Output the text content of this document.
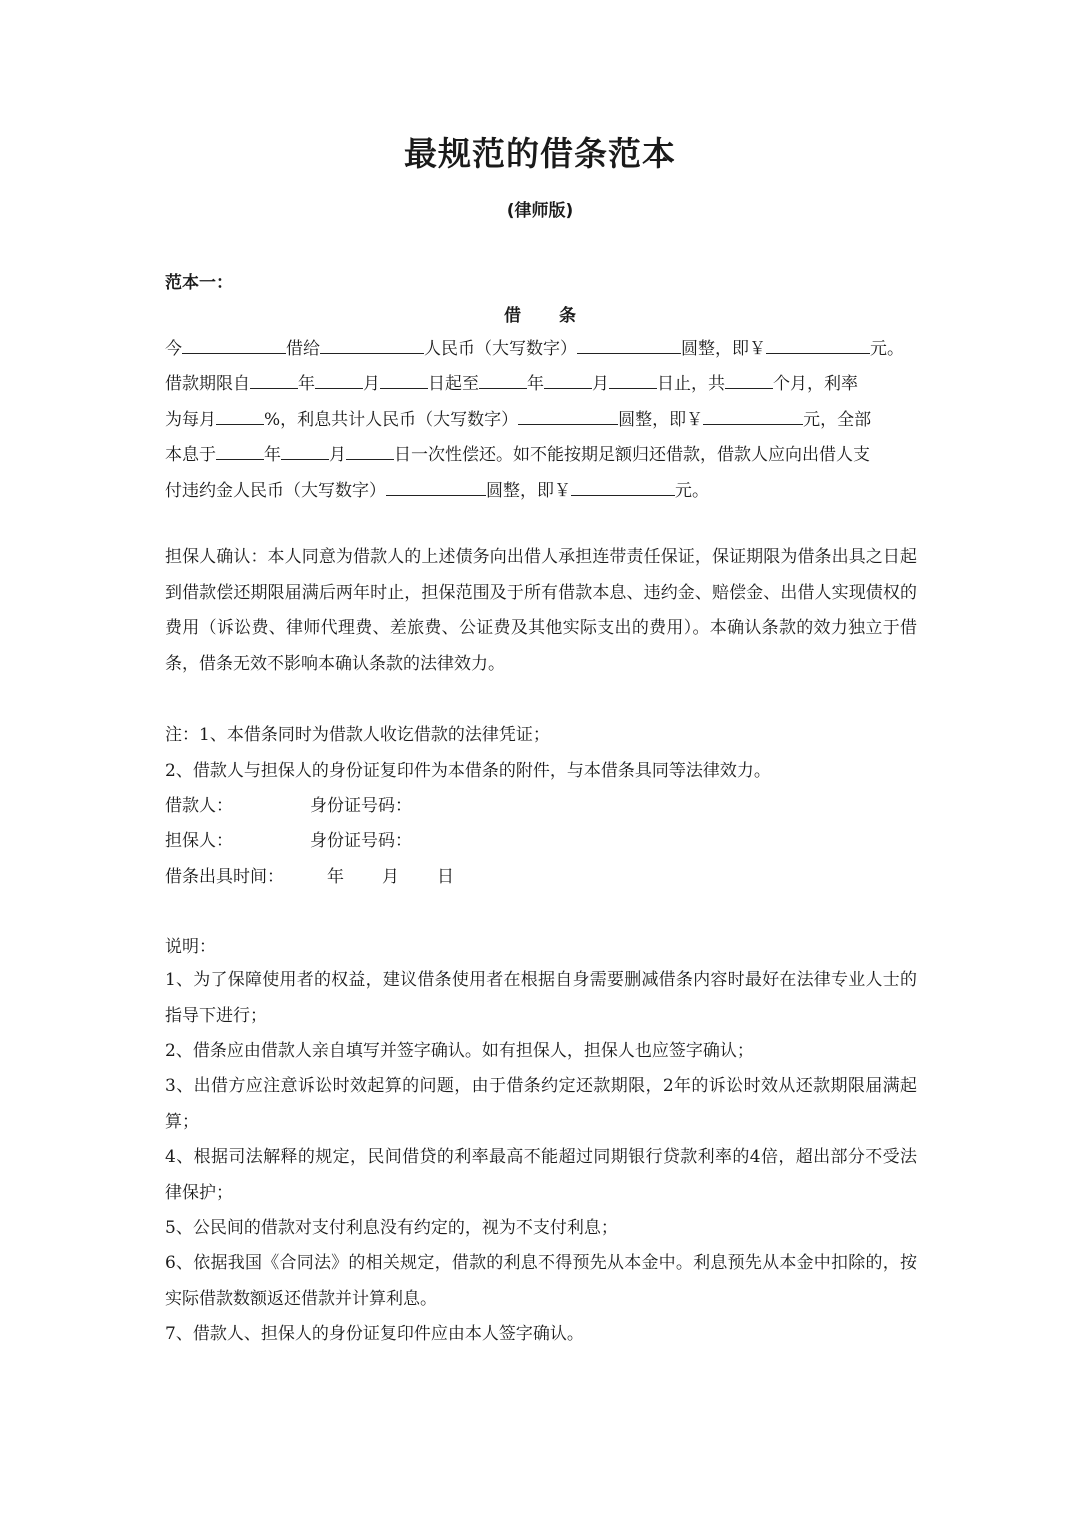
最规范的借条范本
(律师版)
范本一：
借 条
今	借给	人民币（大写数字）	圆整，即￥	元。
借款期限自	年	月	日起至	年	月	日止，共	个月，利率
为每月	%，利息共计人民币（大写数字）	圆整，即￥	元，全部
本息于	年	月	日一次性偿还。如不能按期足额归还借款，借款人应向出借人支
付违约金人民币（大写数字）	圆整，即￥	元。
担保人确认：本人同意为借款人的上述债务向出借人承担连带责任保证，保证期限为借条出具之日起到借款偿还期限届满后两年时止，担保范围及于所有借款本息、违约金、赔偿金、出借人实现债权的费用（诉讼费、律师代理费、差旅费、公证费及其他实际支出的费用）。本确认条款的效力独立于借条，借条无效不影响本确认条款的法律效力。
注：1、本借条同时为借款人收讫借款的法律凭证；
2、借款人与担保人的身份证复印件为本借条的附件，与本借条具同等法律效力。
借款人：	身份证号码：
担保人：	身份证号码：
借条出具时间：	年 月 日
说明：
1、为了保障使用者的权益，建议借条使用者在根据自身需要删减借条内容时最好在法律专业人士的指导下进行；
2、借条应由借款人亲自填写并签字确认。如有担保人，担保人也应签字确认；
3、出借方应注意诉讼时效起算的问题，由于借条约定还款期限，2年的诉讼时效从还款期限届满起算；
4、根据司法解释的规定，民间借贷的利率最高不能超过同期银行贷款利率的4倍，超出部分不受法律保护；
5、公民间的借款对支付利息没有约定的，视为不支付利息；
6、依据我国《合同法》的相关规定，借款的利息不得预先从本金中。利息预先从本金中扣除的，按实际借款数额返还借款并计算利息。
7、借款人、担保人的身份证复印件应由本人签字确认。
